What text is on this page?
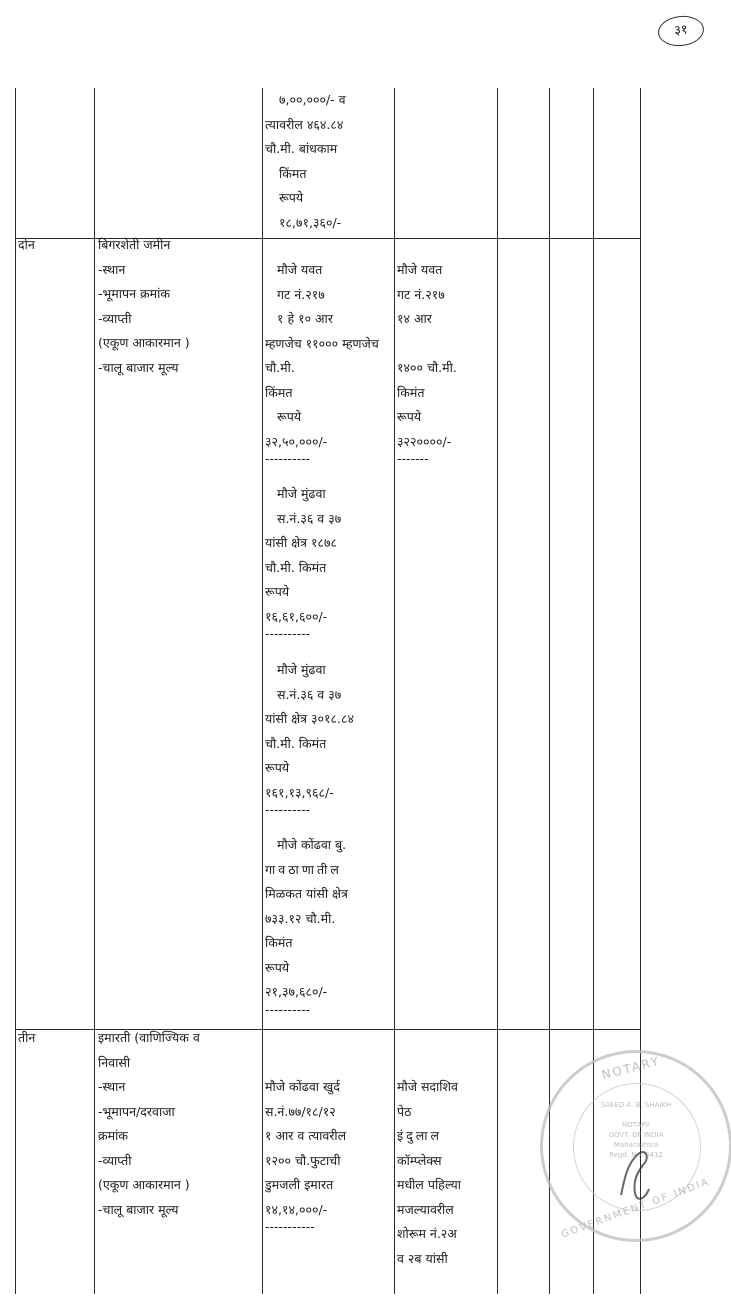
३१
७,००,०००/- व
त्यावरील ४६४.८४
चौ.मी. बांधकाम
किंमत
रूपये
१८,७१,३६०/-
दोन	बिगरशेती जमीन
-स्थान
-भूमापन क्रमांक
-व्याप्ती
(एकूण आकारमान )
-चालू बाजार मूल्य
मौजे यवत
गट नं.२१७
१ हे १० आर
म्हणजेच ११००० म्हणजेच
चौ.मी.
किंमत
रूपये
३२,५०,०००/-
----------
मौजे मुंढवा
स.नं.३६ व ३७
यांसी क्षेत्र १८७८
चौ.मी. किमंत
रूपये
१६,६१,६००/-
----------
मौजे मुंढवा
स.नं.३६ व ३७
यांसी क्षेत्र ३०१८.८४
चौ.मी. किमंत
रूपये
१६१,१३,९६८/-
----------
मौजे कोंढवा बु.
गावठाणातील
मिळकत यांसी क्षेत्र
७३३.१२ चौ.मी.
किमंत
रूपये
२१,३७,६८०/-
----------
मौजे यवत
गट नं.२१७
१४ आर
१४०० चौ.मी.
किमंत
रूपये
३२२००००/-
-------
तीन	इमारती (वाणिज्यिक व
निवासी
-स्थान
-भूमापन/दरवाजा
क्रमांक
-व्याप्ती
(एकूण आकारमान )
-चालू बाजार मूल्य
मौजे कोंढवा खुर्द
स.नं.७७/१८/१२
१ आर व त्यावरील
१२०० चौ.फुटाची
डुमजली इमारत
१४,१४,०००/-
-----------
मौजे सदाशिव
पेठ
इंदुलाल
कॉम्प्लेक्स
मधील पहिल्या
मजल्यावरील
शोरूम नं.२अ
व २ब यांसी
NOTARY
GOVERNMENT OF INDIA
SAEED A. B. SHAIKH
NOTARY
GOVT. OF INDIA
Maharashtra
Regd. No. 5412
